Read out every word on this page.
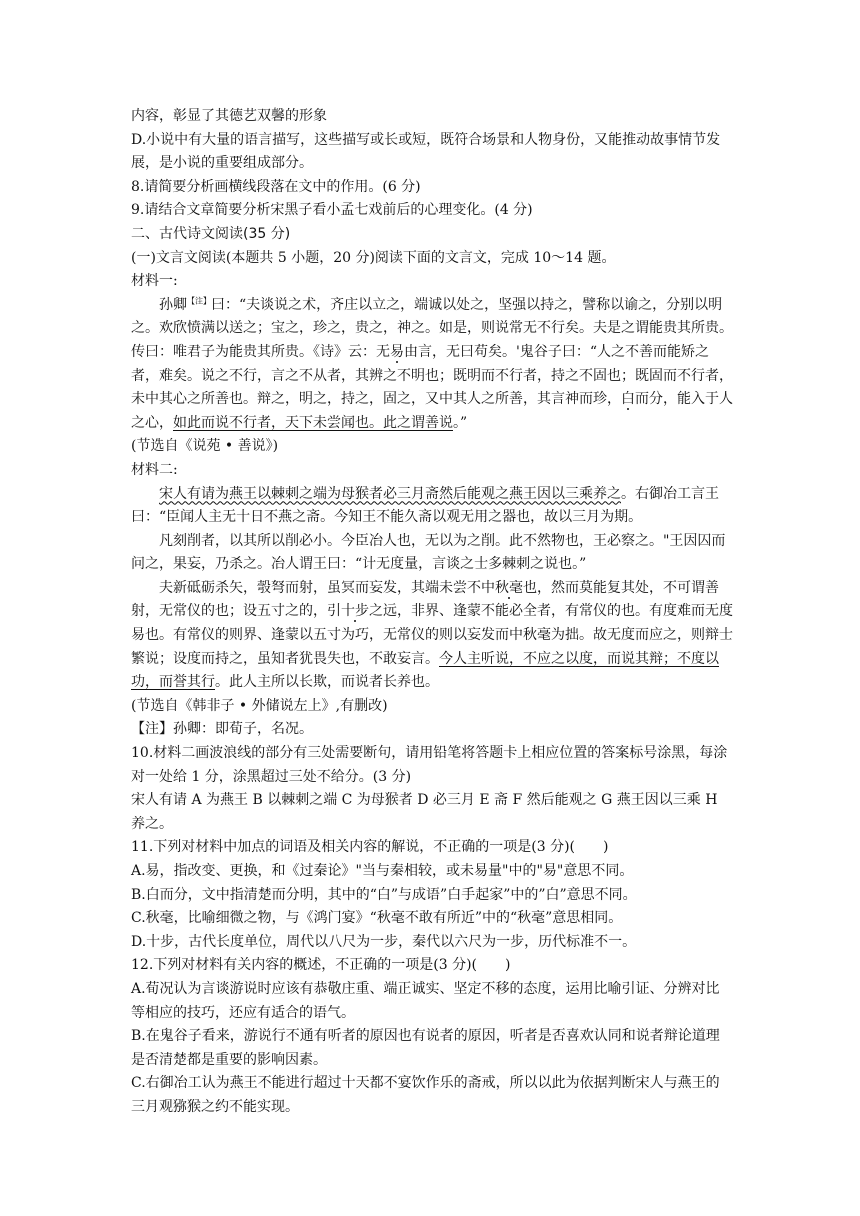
内容，彰显了其德艺双馨的形象
D.小说中有大量的语言描写，这些描写或长或短，既符合场景和人物身份，又能推动故事情节发展，是小说的重要组成部分。
8.请简要分析画横线段落在文中的作用。(6 分)
9.请结合文章简要分析宋黑子看小孟七戏前后的心理变化。(4 分)
二、古代诗文阅读(35 分)
(一)文言文阅读(本题共 5 小题，20 分)阅读下面的文言文，完成 10～14 题。
材料一:
孙卿$^{【注】}$曰：“夫谈说之术，齐庄以立之，端诚以处之，坚强以持之，譬称以谕之，分别以明之。欢欣愤满以送之；宝之，珍之，贵之，神之。如是，则说常无不行矣。夫是之谓能贵其所贵。传曰：唯君子为能贵其所贵。《诗》云：无易由言，无曰苟矣。'鬼谷子曰：“人之不善而能矫之者，难矣。说之不行，言之不从者，其辨之不明也；既明而不行者，持之不固也；既固而不行者，未中其心之所善也。辩之，明之，持之，固之，又中其人之所善，其言神而珍，白而分，能入于人之心，如此而说不行者，天下未尝闻也。此之谓善说。”
(节选自《说苑 • 善说》)
材料二:
宋人有请为燕王以棘刺之端为母猴者必三月斋然后能观之燕王因以三乘养之。右御冶工言王曰：“臣闻人主无十日不燕之斋。今知王不能久斋以观无用之器也，故以三月为期。
凡刻削者，以其所以削必小。今臣冶人也，无以为之削。此不然物也，王必察之。"王因囚而问之，果妄，乃杀之。冶人谓王曰：“计无度量，言谈之士多棘刺之说也。”
夫新砥砺杀矢，彀弩而射，虽冥而妄发，其端未尝不中秋毫也，然而莫能复其处，不可谓善射，无常仪的也；设五寸之的，引十步之远，非界、逢蒙不能必全者，有常仪的也。有度难而无度易也。有常仪的则界、逢蒙以五寸为巧，无常仪的则以妄发而中秋毫为拙。故无度而应之，则辩士繁说；设度而持之，虽知者犹畏失也，不敢妄言。今人主听说，不应之以度，而说其辩；不度以功，而誉其行。此人主所以长欺，而说者长养也。
(节选自《韩非子 • 外储说左上》,有删改)
【注】孙卿：即荀子，名况。
10.材料二画波浪线的部分有三处需要断句，请用铅笔将答题卡上相应位置的答案标号涂黑，每涂对一处给 1 分，涂黑超过三处不给分。(3 分)
宋人有请 A 为燕王 B 以棘刺之端 C 为母猴者 D 必三月 E 斋 F 然后能观之 G 燕王因以三乘 H 养之。
11.下列对材料中加点的词语及相关内容的解说，不正确的一项是(3 分)(　　)
A.易，指改变、更换，和《过秦论》"当与秦相较，或未易量"中的"易"意思不同。
B.白而分，文中指清楚而分明，其中的“白”与成语”白手起家”中的”白”意思不同。
C.秋毫，比喻细微之物，与《鸿门宴》“秋毫不敢有所近”中的“秋毫”意思相同。
D.十步，古代长度单位，周代以八尺为一步，秦代以六尺为一步，历代标准不一。
12.下列对材料有关内容的概述，不正确的一项是(3 分)(　　)
A.荀况认为言谈游说时应该有恭敬庄重、端正诚实、坚定不移的态度，运用比喻引证、分辨对比等相应的技巧，还应有适合的语气。
B.在鬼谷子看来，游说行不通有听者的原因也有说者的原因，听者是否喜欢认同和说者辩论道理是否清楚都是重要的影响因素。
C.右御冶工认为燕王不能进行超过十天都不宴饮作乐的斋戒，所以以此为依据判断宋人与燕王的三月观猕猴之约不能实现。
